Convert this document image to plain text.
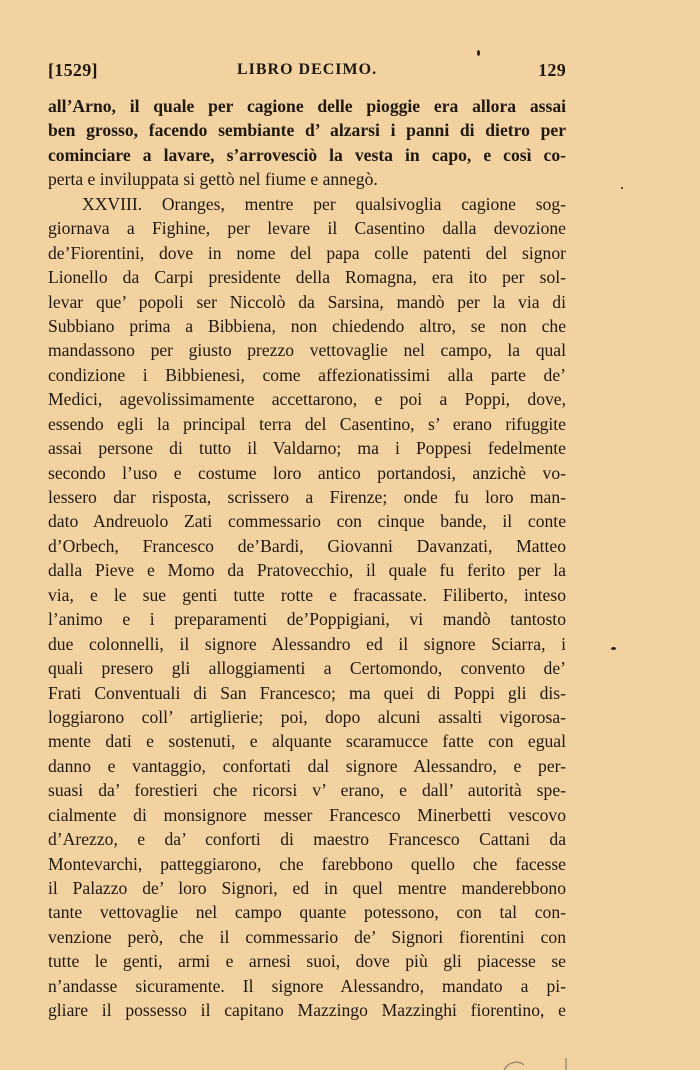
[1529]	LIBRO DECIMO.	129
all’Arno, il quale per cagione delle pioggie era allora assai
ben grosso, facendo sembiante d’ alzarsi i panni di dietro per
cominciare a lavare, s’arrovesciò la vesta in capo, e così co-
perta e inviluppata si gettò nel fiume e annegò.
XXVIII. Oranges, mentre per qualsivoglia cagione sog-
giornava a Fighine, per levare il Casentino dalla devozione
de’Fiorentini, dove in nome del papa colle patenti del signor
Lionello da Carpi presidente della Romagna, era ito per sol-
levar que’ popoli ser Niccolò da Sarsina, mandò per la via di
Subbiano prima a Bibbiena, non chiedendo altro, se non che
mandassono per giusto prezzo vettovaglie nel campo, la qual
condizione i Bibbienesi, come affezionatissimi alla parte de’
Medici, agevolissimamente accettarono, e poi a Poppi, dove,
essendo egli la principal terra del Casentino, s’ erano rifuggite
assai persone di tutto il Valdarno; ma i Poppesi fedelmente
secondo l’uso e costume loro antico portandosi, anzichè vo-
lessero dar risposta, scrissero a Firenze; onde fu loro man-
dato Andreuolo Zati commessario con cinque bande, il conte
d’Orbech, Francesco de’Bardi, Giovanni Davanzati, Matteo
dalla Pieve e Momo da Pratovecchio, il quale fu ferito per la
via, e le sue genti tutte rotte e fracassate. Filiberto, inteso
l’animo e i preparamenti de’Poppigiani, vi mandò tantosto
due colonnelli, il signore Alessandro ed il signore Sciarra, i
quali presero gli alloggiamenti a Certomondo, convento de’
Frati Conventuali di San Francesco; ma quei di Poppi gli dis-
loggiarono coll’ artiglierie; poi, dopo alcuni assalti vigorosa-
mente dati e sostenuti, e alquante scaramucce fatte con egual
danno e vantaggio, confortati dal signore Alessandro, e per-
suasi da’ forestieri che ricorsi v’ erano, e dall’ autorità spe-
cialmente di monsignore messer Francesco Minerbetti vescovo
d’Arezzo, e da’ conforti di maestro Francesco Cattani da
Montevarchi, patteggiarono, che farebbono quello che facesse
il Palazzo de’ loro Signori, ed in quel mentre manderebbono
tante vettovaglie nel campo quante potessono, con tal con-
venzione però, che il commessario de’ Signori fiorentini con
tutte le genti, armi e arnesi suoi, dove più gli piacesse se
n’andasse sicuramente. Il signore Alessandro, mandato a pi-
gliare il possesso il capitano Mazzingo Mazzinghi fiorentino, e
